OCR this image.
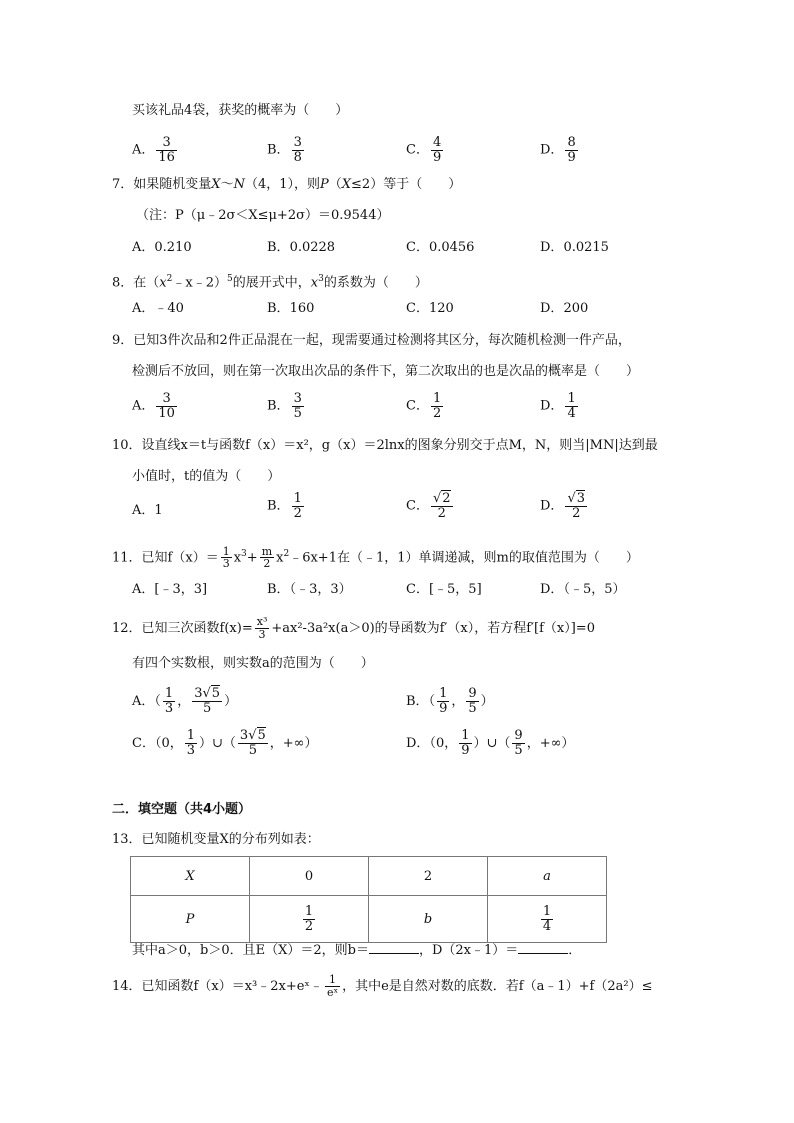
买该礼品4袋，获奖的概率为（　　）
A． $\frac{3}{16}$	B． $\frac{3}{8}$	C． $\frac{4}{9}$	D． $\frac{8}{9}$
7．如果随机变量X～N（4，1），则P（X≤2）等于（　　）
（注：P（μ﹣2σ＜X≤μ+2σ）＝0.9544）
A．0.210	B．0.0228	C．0.0456	D．0.0215
8．在$(x^2﹣x﹣2)^5$的展开式中，$x^3$的系数为（　　）
A．﹣40	B．160	C．120	D．200
9．已知3件次品和2件正品混在一起，现需要通过检测将其区分，每次随机检测一件产品，
检测后不放回，则在第一次取出次品的条件下，第二次取出的也是次品的概率是（　　）
A． $\frac{3}{10}$	B． $\frac{3}{5}$	C． $\frac{1}{2}$	D． $\frac{1}{4}$
10．设直线x＝t与函数f（x）＝x²，g（x）＝2lnx的图象分别交于点M，N，则当|MN|达到最
小值时，t的值为（　　）
A．1	B． $\frac{1}{2}$	C． $\frac{√2}{2}$	D． $\frac{√3}{2}$
11．已知$f(x)= \frac{1}{3} x^3+ \frac{m}{2}$ $x^2﹣6x+1$在（﹣1，1）单调递减，则m的取值范围为（　　）
A．[﹣3，3]	B．（﹣3，3）	C．[﹣5，5]	D．（﹣5，5）
12．已知三次函数$f(x)= \frac{\text{x³}}{3} +ax^2-3a^2x(a>0)$的导函数为f′（x），若方程f′[f（x）]=0
有四个实数根，则实数a的范围为（　　）
A．（ $\frac{1}{3}$ ， $\frac{3√5}{5}$ ）	B．（ $\frac{1}{9}$ ， $\frac{9}{5}$ ）
C．（0， $\frac{1}{3}$ ）∪（ $\frac{3√5}{5}$ ，+∞）	D．（0， $\frac{1}{9}$ ）∪（ $\frac{9}{5}$ ，+∞）
二．填空题（共4小题）
13．已知随机变量X的分布列如表：
X	0	2	a
P	$\frac{1}{2}$	b	$\frac{1}{4}$
其中a＞0，b＞0．且E（X）＝2，则b＝	，D（2x﹣1）＝	．
14．已知函数f（x）＝x³﹣2x+eˣ﹣ $\frac{1}{\text{eˣ}}$ ，其中e是自然对数的底数．若f（a﹣1）+f（2a²）≤
